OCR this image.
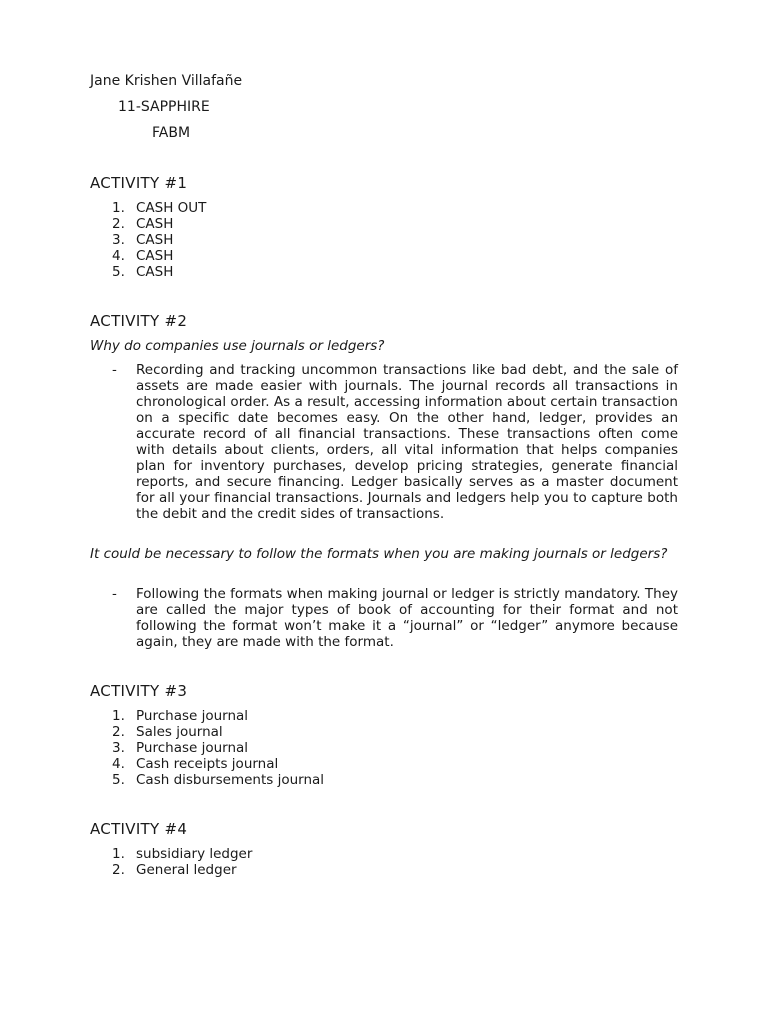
Jane Krishen Villafañe
11-SAPPHIRE
FABM
ACTIVITY #1
1. CASH OUT
2. CASH
3. CASH
4. CASH
5. CASH
ACTIVITY #2
Why do companies use journals or ledgers?
- Recording and tracking uncommon transactions like bad debt, and the sale of assets are made easier with journals. The journal records all transactions in chronological order. As a result, accessing information about certain transaction on a specific date becomes easy. On the other hand, ledger, provides an accurate record of all financial transactions. These transactions often come with details about clients, orders, all vital information that helps companies plan for inventory purchases, develop pricing strategies, generate financial reports, and secure financing. Ledger basically serves as a master document for all your financial transactions. Journals and ledgers help you to capture both the debit and the credit sides of transactions.
It could be necessary to follow the formats when you are making journals or ledgers?
- Following the formats when making journal or ledger is strictly mandatory. They are called the major types of book of accounting for their format and not following the format won’t make it a “journal” or “ledger” anymore because again, they are made with the format.
ACTIVITY #3
1. Purchase journal
2. Sales journal
3. Purchase journal
4. Cash receipts journal
5. Cash disbursements journal
ACTIVITY #4
1. subsidiary ledger
2. General ledger
